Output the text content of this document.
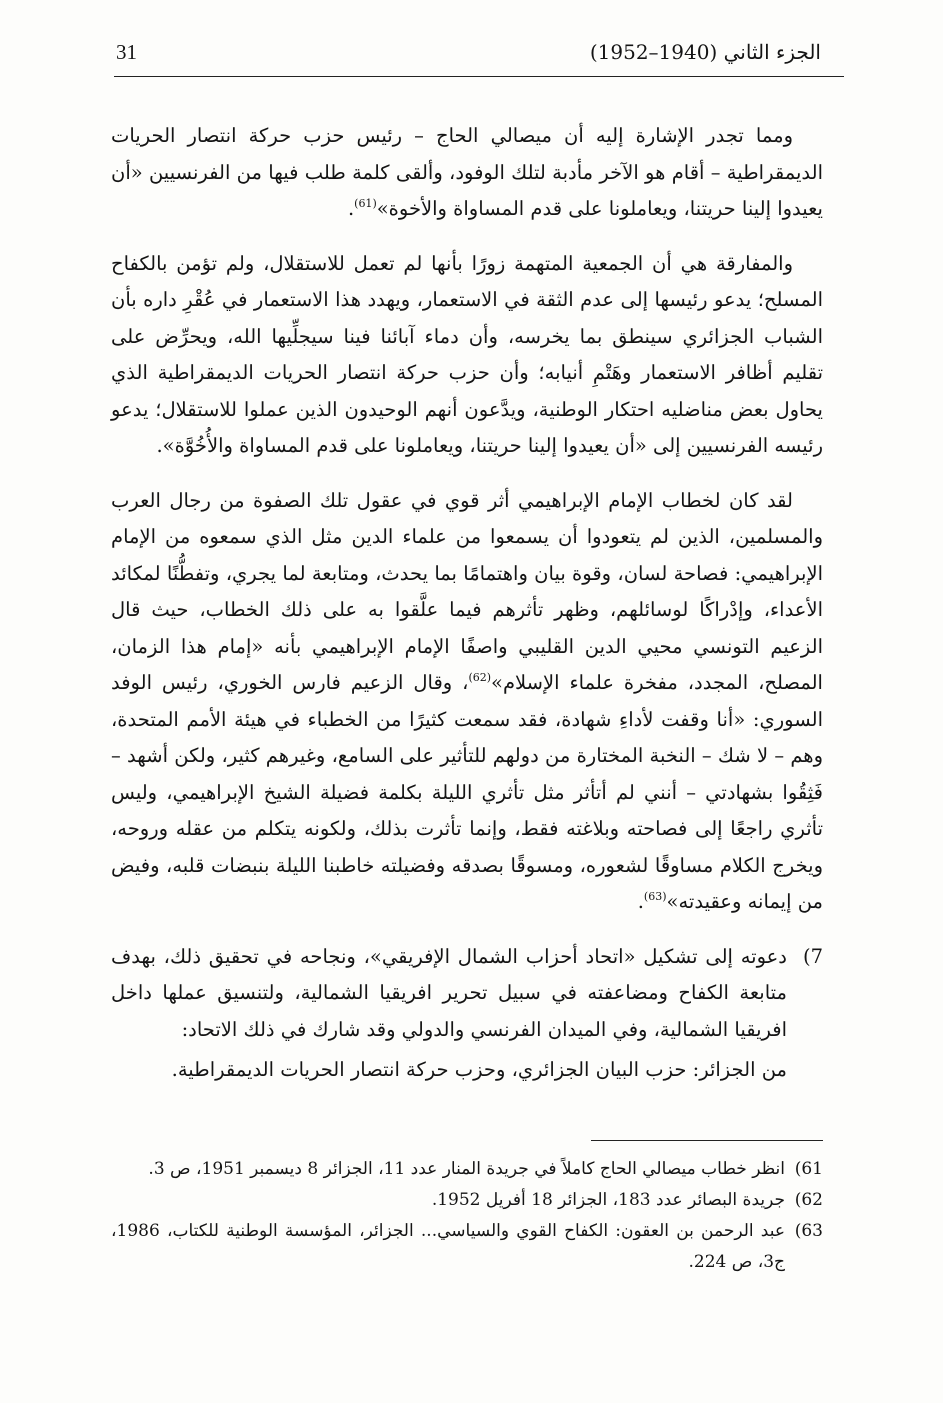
31	الجزء الثاني (1940–1952)

ومما تجدر الإشارة إليه أن ميصالي الحاج – رئيس حزب حركة انتصار الحريات الديمقراطية – أقام هو الآخر مأدبة لتلك الوفود، وألقى كلمة طلب فيها من الفرنسيين «أن يعيدوا إلينا حريتنا، ويعاملونا على قدم المساواة والأخوة»$^{(61)}$.

والمفارقة هي أن الجمعية المتهمة زورًا بأنها لم تعمل للاستقلال، ولم تؤمن بالكفاح المسلح؛ يدعو رئيسها إلى عدم الثقة في الاستعمار، ويهدد هذا الاستعمار في عُقْرِ داره بأن الشباب الجزائري سينطق بما يخرسه، وأن دماء آبائنا فينا سيجلِّيها الله، ويحرِّض على تقليم أظافر الاستعمار وهَتْمِ أنيابه؛ وأن حزب حركة انتصار الحريات الديمقراطية الذي يحاول بعض مناضليه احتكار الوطنية، ويدَّعون أنهم الوحيدون الذين عملوا للاستقلال؛ يدعو رئيسه الفرنسيين إلى «أن يعيدوا إلينا حريتنا، ويعاملونا على قدم المساواة والأُخُوَّة».

لقد كان لخطاب الإمام الإبراهيمي أثر قوي في عقول تلك الصفوة من رجال العرب والمسلمين، الذين لم يتعودوا أن يسمعوا من علماء الدين مثل الذي سمعوه من الإمام الإبراهيمي: فصاحة لسان، وقوة بيان واهتمامًا بما يحدث، ومتابعة لما يجري، وتفطُّنًا لمكائد الأعداء، وإدْراكًا لوسائلهم، وظهر تأثرهم فيما علَّقوا به على ذلك الخطاب، حيث قال الزعيم التونسي محيي الدين القليبي واصفًا الإمام الإبراهيمي بأنه «إمام هذا الزمان، المصلح، المجدد، مفخرة علماء الإسلام»$^{(62)}$، وقال الزعيم فارس الخوري، رئيس الوفد السوري: «أنا وقفت لأداءِ شهادة، فقد سمعت كثيرًا من الخطباء في هيئة الأمم المتحدة، وهم – لا شك – النخبة المختارة من دولهم للتأثير على السامع، وغيرهم كثير، ولكن أشهد – فَثِقُوا بشهادتي – أنني لم أتأثر مثل تأثري الليلة بكلمة فضيلة الشيخ الإبراهيمي، وليس تأثري راجعًا إلى فصاحته وبلاغته فقط، وإنما تأثرت بذلك، ولكونه يتكلم من عقله وروحه، ويخرج الكلام مساوقًا لشعوره، ومسوقًا بصدقه وفضيلته خاطبنا الليلة بنبضات قلبه، وفيض من إيمانه وعقيدته»$^{(63)}$.

7)

دعوته إلى تشكيل «اتحاد أحزاب الشمال الإفريقي»، ونجاحه في تحقيق ذلك، بهدف متابعة الكفاح ومضاعفته في سبيل تحرير افريقيا الشمالية، ولتنسيق عملها داخل افريقيا الشمالية، وفي الميدان الفرنسي والدولي وقد شارك في ذلك الاتحاد:

من الجزائر: حزب البيان الجزائري، وحزب حركة انتصار الحريات الديمقراطية.

61)
انظر خطاب ميصالي الحاج كاملاً في جريدة المنار عدد 11، الجزائر 8 ديسمبر 1951، ص 3.
62)
جريدة البصائر عدد 183، الجزائر 18 أفريل 1952.
63)
عبد الرحمن بن العقون: الكفاح القوي والسياسي... الجزائر، المؤسسة الوطنية للكتاب، 1986، ج3، ص 224.
